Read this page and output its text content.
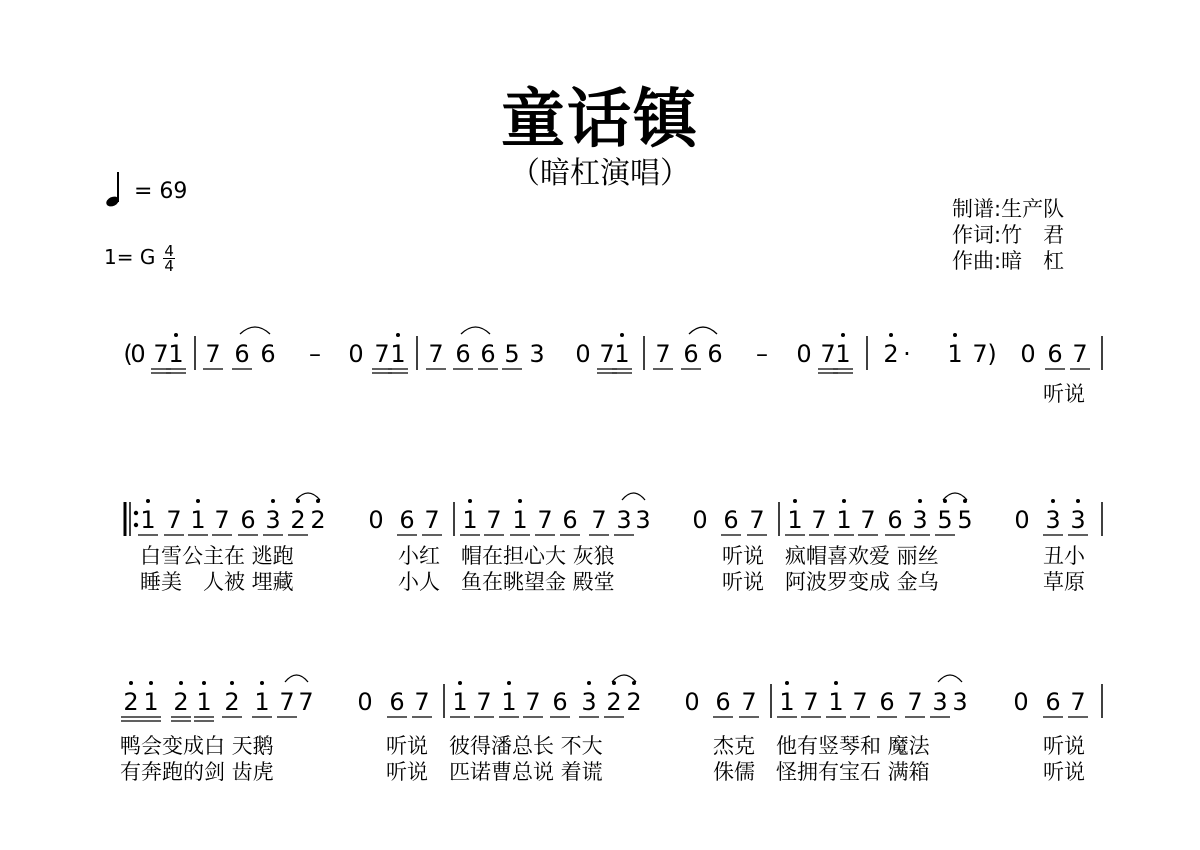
童话镇
（暗杠演唱）
= 69
1= G $\frac{4}{4}$
制谱:生产队
作词:竹　君
作曲:暗　杠
(
0 7 1 7 6 6 – 0 7 1 7 6 6 5 3 0 7 1 7 6 6 – 0 7 1 2 · 1 7 ) 0 6 7
1 7 1 7 6 3 2 2 0 6 7 1 7 1 7 6 7 3 3 0 6 7 1 7 1 7 6 3 5 5 0 3 3
2 1 2 1 2 1 7 7 0 6 7 1 7 1 7 6 3 2 2 0 6 7 1 7 1 7 6 7 3 3 0 6 7
听说
白雪公主在 逃跑	小红　帽在担心大 灰狼	听说　疯帽喜欢爱 丽丝	丑小
睡美　人被 埋藏	小人　鱼在眺望金 殿堂	听说　阿波罗变成 金乌	草原
鸭会变成白 天鹅	听说　彼得潘总长 不大	杰克　他有竖琴和 魔法	听说
有奔跑的剑 齿虎	听说　匹诺曹总说 着谎	侏儒　怪拥有宝石 满箱	听说
